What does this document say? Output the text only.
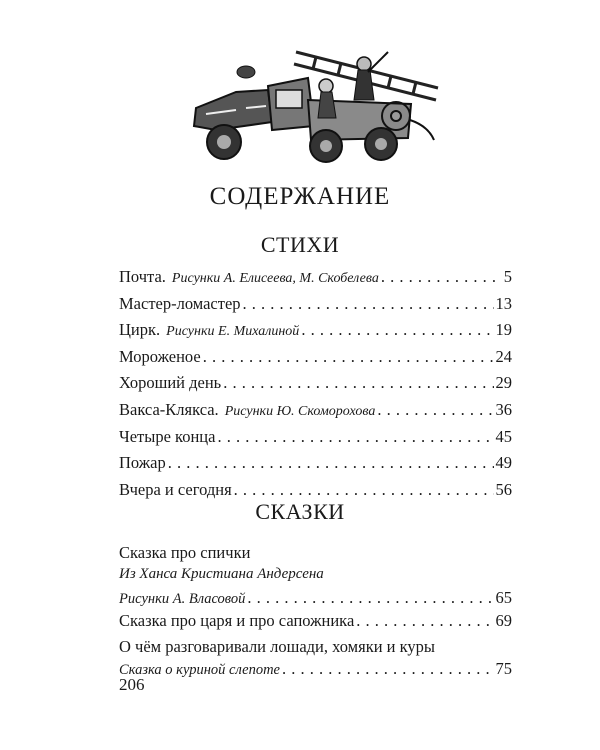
СОДЕРЖАНИЕ
СТИХИ
Почта. Рисунки А. Елисеева, М. Скобелева . . .	5
Мастер-ломастер . . .	13
Цирк. Рисунки Е. Михалиной . . .	19
Мороженое . . .	24
Хороший день . . .	29
Вакса-Клякса. Рисунки Ю. Скоморохова . . .	36
Четыре конца . . .	45
Пожар . . .	49
Вчера и сегодня . . .	56
СКАЗКИ
Сказка про спички
Из Ханса Кристиана Андерсена
Рисунки А. Власовой . . .	65
Сказка про царя и про сапожника . . .	69
О чём разговаривали лошади, хомяки и куры
Сказка о куриной слепоте . . .	75
206
